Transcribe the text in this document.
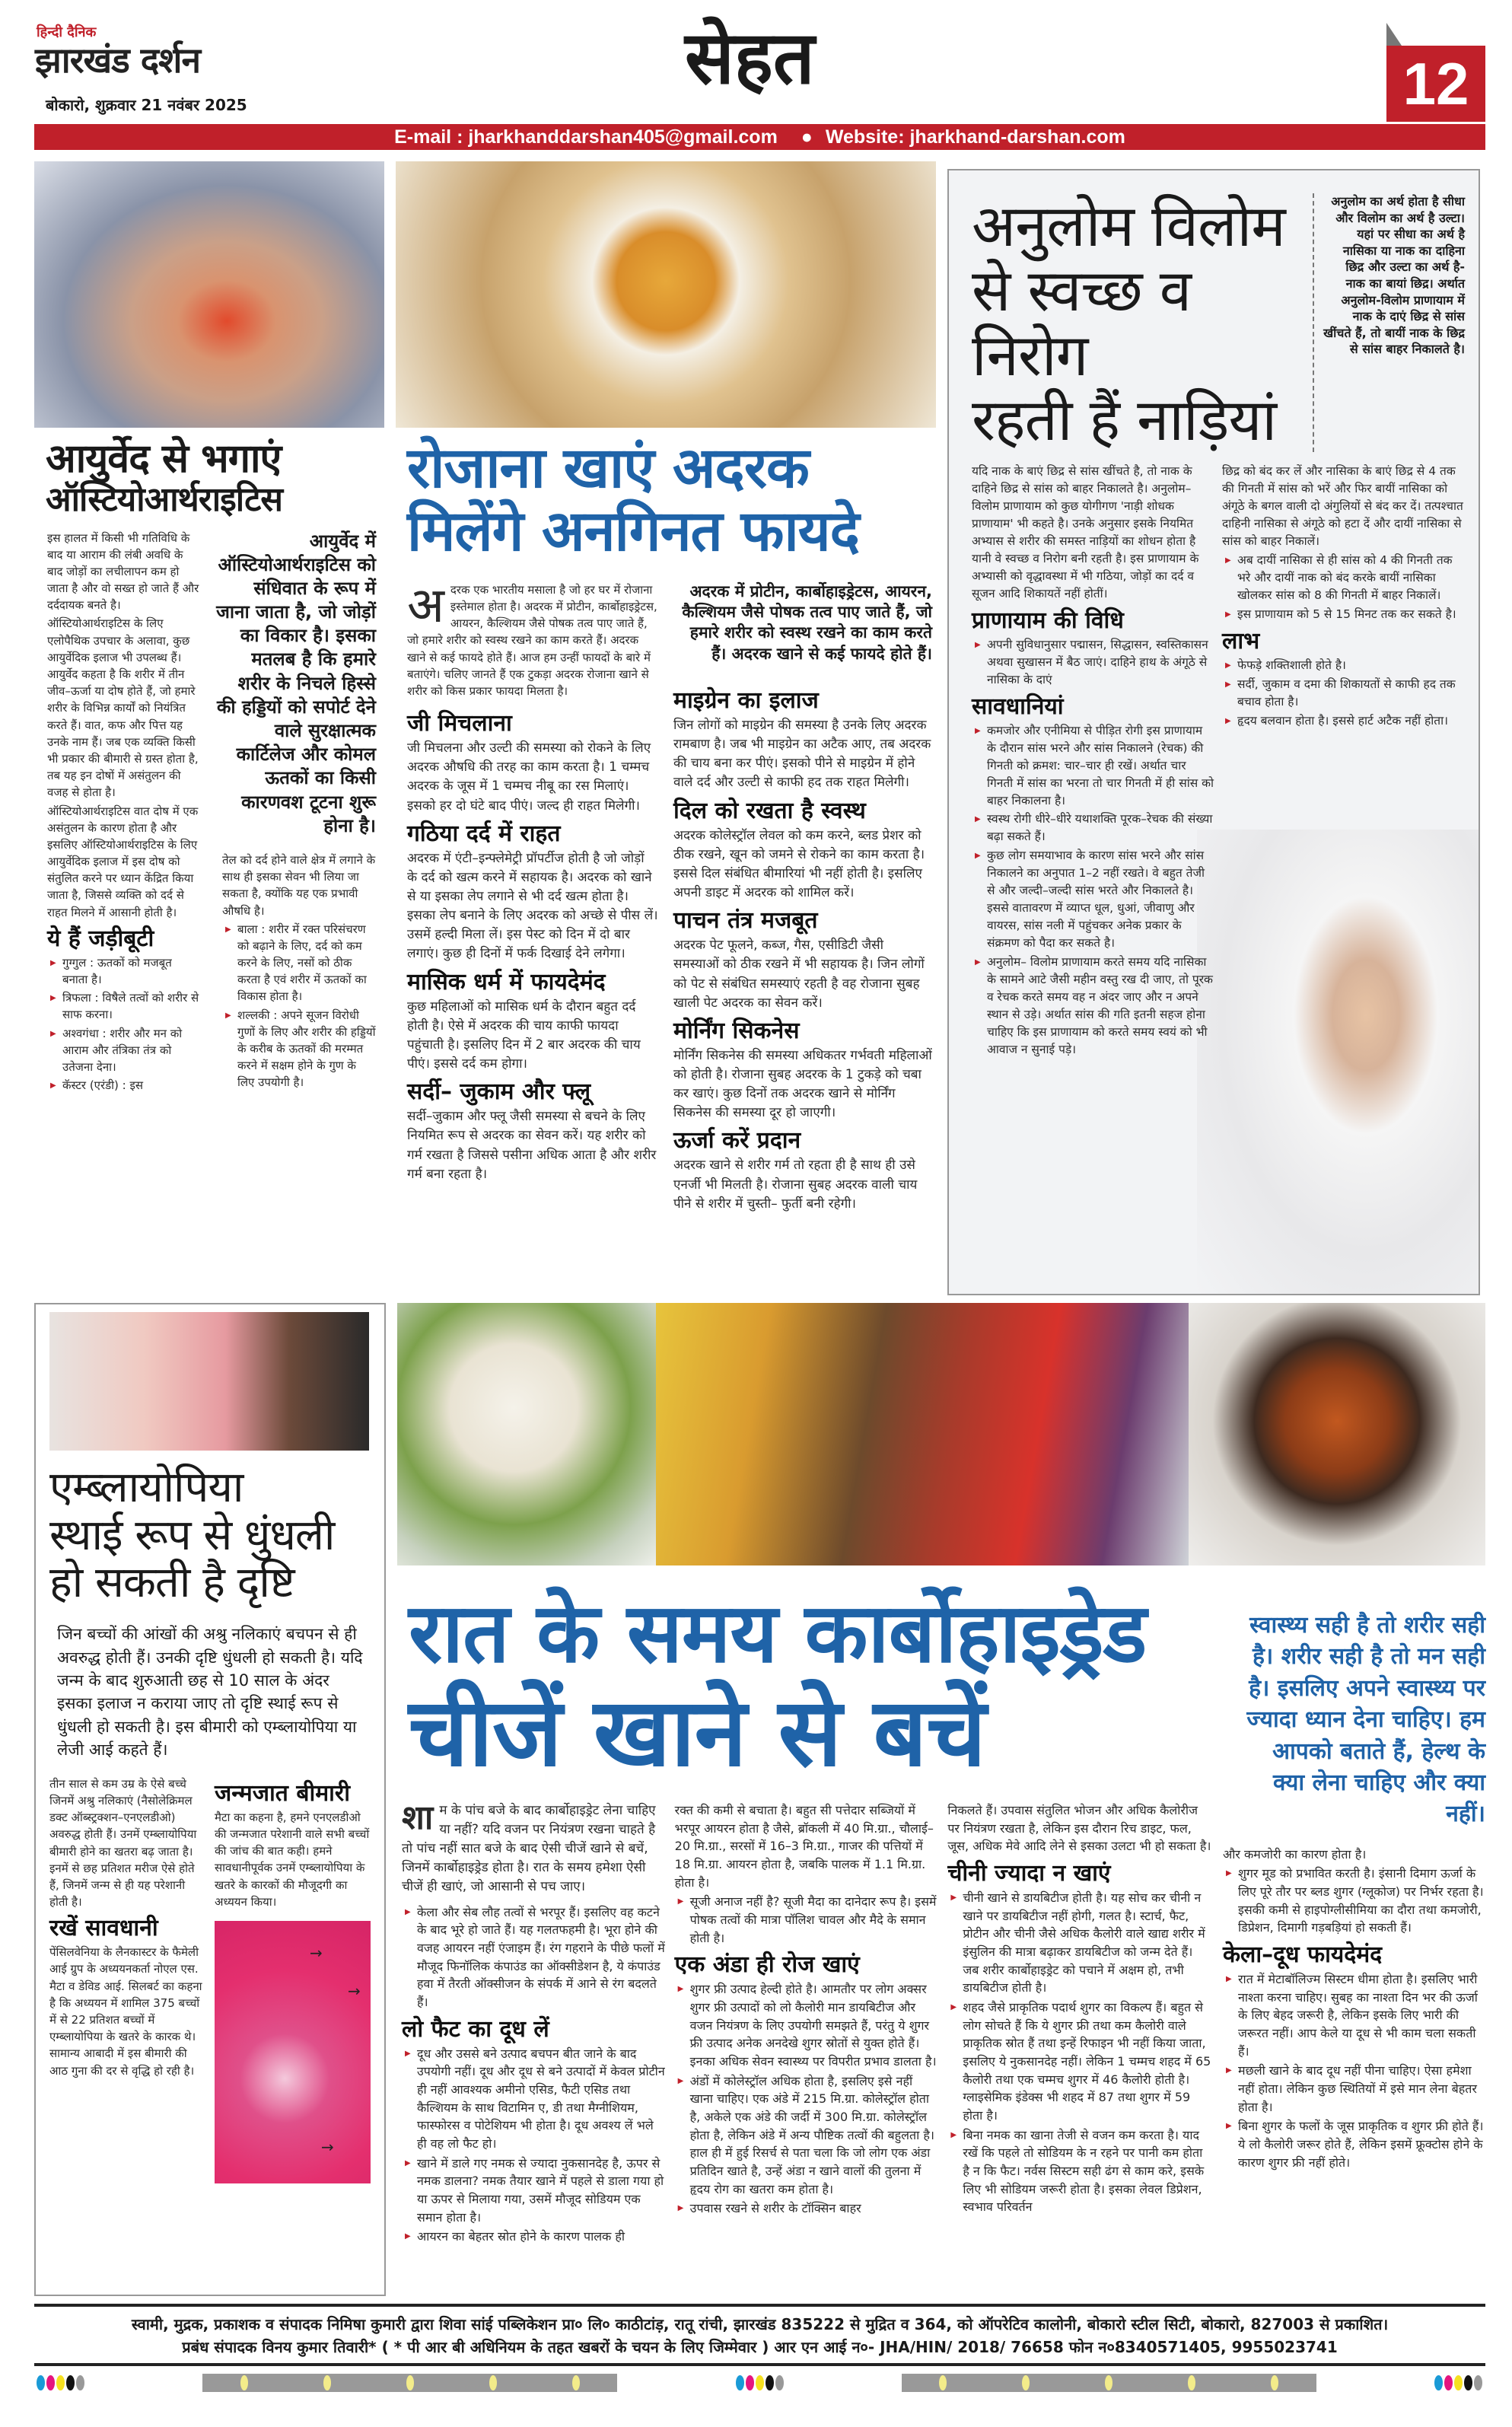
हिन्दी दैनिक
झारखंड दर्शन
बोकारो, शुक्रवार 21 नवंबर 2025
सेहत	12
E-mail : jharkhanddarshan405@gmail.com ● Website: jharkhand-darshan.com
आयुर्वेद से भगाएं
ऑस्टियोआर्थराइटिस

इस हालत में किसी भी गतिविधि के बाद या आराम की लंबी अवधि के बाद जोड़ों का लचीलापन कम हो जाता है और वो सख्त हो जाते हैं और दर्ददायक बनते है।

ऑस्टियोआर्थराइटिस के लिए एलोपैथिक उपचार के अलावा, कुछ आयुर्वेदिक इलाज भी उपलब्ध हैं। आयुर्वेद कहता है कि शरीर में तीन जीव–ऊर्जा या दोष होते हैं, जो हमारे शरीर के विभिन्न कार्यों को नियंत्रित करते हैं। वात, कफ और पित्त यह उनके नाम हैं। जब एक व्यक्ति किसी भी प्रकार की बीमारी से ग्रस्त होता है, तब यह इन दोषों में असंतुलन की वजह से होता है।

ऑस्टियोआर्थराइटिस वात दोष में एक असंतुलन के कारण होता है और इसलिए ऑस्टियोआर्थराइटिस के लिए आयुर्वेदिक इलाज में इस दोष को संतुलित करने पर ध्यान केंद्रित किया जाता है, जिससे व्यक्ति को दर्द से राहत मिलने में आसानी होती है।

ये हैं जड़ीबूटी

▶ गुग्गुल : ऊतकों को मजबूत बनाता है।

▶ त्रिफला : विषैले तत्वों को शरीर से साफ करना।

▶ अश्वगंधा : शरीर और मन को आराम और तंत्रिका तंत्र को उतेजना देना।

▶ कॅस्टर (एरंडी) : इस

आयुर्वेद में ऑस्टियोआर्थराइटिस को संधिवात के रूप में जाना जाता है, जो जोड़ों का विकार है। इसका मतलब है कि हमारे शरीर के निचले हिस्से की हड्डियों को सपोर्ट देने वाले सुरक्षात्मक कार्टिलेज और कोमल ऊतकों का किसी कारणवश टूटना शुरू होना है।

तेल को दर्द होने वाले क्षेत्र में लगाने के साथ ही इसका सेवन भी लिया जा सकता है, क्योंकि यह एक प्रभावी औषधि है।

▶ बाला : शरीर में रक्त परिसंचरण को बढ़ाने के लिए, दर्द को कम करने के लिए, नसों को ठीक करता है एवं शरीर में ऊतकों का विकास होता है।

▶ शल्लकी : अपने सूजन विरोधी गुणों के लिए और शरीर की हड्डियों के करीब के ऊतकों की मरम्मत करने में सक्षम होने के गुण के लिए उपयोगी है।

रोजाना खाएं अदरक
मिलेंगे अनगिनत फायदे
अ दरक एक भारतीय मसाला है जो हर घर में रोजाना इस्तेमाल होता है। अदरक में प्रोटीन, कार्बोहाइड्रेटस, आयरन, कैल्शियम जैसे पोषक तत्व पाए जाते हैं, जो हमारे शरीर को स्वस्थ रखने का काम करते हैं। अदरक खाने से कई फायदे होते हैं। आज हम उन्हीं फायदों के बारे में बताएंगे। चलिए जानते हैं एक टुकड़ा अदरक रोजाना खाने से शरीर को किस प्रकार फायदा मिलता है।
जी मिचलाना

जी मिचलना और उल्टी की समस्या को रोकने के लिए अदरक औषधि की तरह का काम करता है। 1 चम्मच अदरक के जूस में 1 चम्मच नीबू का रस मिलाएं। इसको हर दो घंटे बाद पीएं। जल्द ही राहत मिलेगी।

गठिया दर्द में राहत

अदरक में एंटी–इन्फ्लेमेट्री प्रॉपर्टीज होती है जो जोड़ों के दर्द को खत्म करने में सहायक है। अदरक को खाने से या इसका लेप लगाने से भी दर्द खत्म होता है। इसका लेप बनाने के लिए अदरक को अच्छे से पीस लें। उसमें हल्दी मिला लें। इस पेस्ट को दिन में दो बार लगाएं। कुछ ही दिनों में फर्क दिखाई देने लगेगा।

मासिक धर्म में फायदेमंद

कुछ महिलाओं को मासिक धर्म के दौरान बहुत दर्द होती है। ऐसे में अदरक की चाय काफी फायदा पहुंचाती है। इसलिए दिन में 2 बार अदरक की चाय पीएं। इससे दर्द कम होगा।

सर्दी– जुकाम और फ्लू

सर्दी–जुकाम और फ्लू जैसी समस्या से बचने के लिए नियमित रूप से अदरक का सेवन करें। यह शरीर को गर्म रखता है जिससे पसीना अधिक आता है और शरीर गर्म बना रहता है।

अदरक में प्रोटीन, कार्बोहाइड्रेटस, आयरन, कैल्शियम जैसे पोषक तत्व पाए जाते हैं, जो हमारे शरीर को स्वस्थ रखने का काम करते हैं। अदरक खाने से कई फायदे होते हैं।
माइग्रेन का इलाज

जिन लोगों को माइग्रेन की समस्या है उनके लिए अदरक रामबाण है। जब भी माइग्रेन का अटैक आए, तब अदरक की चाय बना कर पीएं। इसको पीने से माइग्रेन में होने वाले दर्द और उल्टी से काफी हद तक राहत मिलेगी।

दिल को रखता है स्वस्थ

अदरक कोलेस्ट्रॉल लेवल को कम करने, ब्लड प्रेशर को ठीक रखने, खून को जमने से रोकने का काम करता है। इससे दिल संबंधित बीमारियां भी नहीं होती है। इसलिए अपनी डाइट में अदरक को शामिल करें।

पाचन तंत्र मजबूत

अदरक पेट फूलने, कब्ज, गैस, एसीडिटी जैसी समस्याओं को ठीक रखने में भी सहायक है। जिन लोगों को पेट से संबंधित समस्याएं रहती है वह रोजाना सुबह खाली पेट अदरक का सेवन करें।

मोर्निंग सिकनेस

मोर्निंग सिकनेस की समस्या अधिकतर गर्भवती महिलाओं को होती है। रोजाना सुबह अदरक के 1 टुकड़े को चबा कर खाएं। कुछ दिनों तक अदरक खाने से मोर्निंग सिकनेस की समस्या दूर हो जाएगी।

ऊर्जा करें प्रदान

अदरक खाने से शरीर गर्म तो रहता ही है साथ ही उसे एनर्जी भी मिलती है। रोजाना सुबह अदरक वाली चाय पीने से शरीर में चुस्ती– फुर्ती बनी रहेगी।

अनुलोम विलोम
से स्वच्छ व निरोग
रहती हैं नाड़ियां
अनुलोम का अर्थ होता है सीधा और विलोम का अर्थ है उल्टा। यहां पर सीधा का अर्थ है नासिका या नाक का दाहिना छिद्र और उल्टा का अर्थ है- नाक का बायां छिद्र। अर्थात अनुलोम-विलोम प्राणायाम में नाक के दाएं छिद्र से सांस खींचते हैं, तो बायीं नाक के छिद्र से सांस बाहर निकालते है।

यदि नाक के बाएं छिद्र से सांस खींचते है, तो नाक के दाहिने छिद्र से सांस को बाहर निकालते है। अनुलोम–विलोम प्राणायाम को कुछ योगीगण 'नाड़ी शोधक प्राणायाम' भी कहते है। उनके अनुसार इसके नियमित अभ्यास से शरीर की समस्त नाड़ियों का शोधन होता है यानी वे स्वच्छ व निरोग बनी रहती है। इस प्राणायाम के अभ्यासी को वृद्धावस्था में भी गठिया, जोड़ों का दर्द व सूजन आदि शिकायतें नहीं होतीं।

प्राणायाम की विधि

▶ अपनी सुविधानुसार पद्मासन, सिद्धासन, स्वस्तिकासन अथवा सुखासन में बैठ जाएं। दाहिने हाथ के अंगूठे से नासिका के दाएं

सावधानियां

▶ कमजोर और एनीमिया से पीड़ित रोगी इस प्राणायाम के दौरान सांस भरने और सांस निकालने (रेचक) की गिनती को क्रमश: चार–चार ही रखें। अर्थात चार गिनती में सांस का भरना तो चार गिनती में ही सांस को बाहर निकालना है।

▶ स्वस्थ रोगी धीरे–धीरे यथाशक्ति पूरक–रेचक की संख्या बढ़ा सकते हैं।

▶ कुछ लोग समयाभाव के कारण सांस भरने और सांस निकालने का अनुपात 1–2 नहीं रखते। वे बहुत तेजी से और जल्दी–जल्दी सांस भरते और निकालते है। इससे वातावरण में व्याप्त धूल, धुआं, जीवाणु और वायरस, सांस नली में पहुंचकर अनेक प्रकार के संक्रमण को पैदा कर सकते है।

▶ अनुलोम– विलोम प्राणायाम करते समय यदि नासिका के सामने आटे जैसी महीन वस्तु रख दी जाए, तो पूरक व रेचक करते समय वह न अंदर जाए और न अपने स्थान से उड़े। अर्थात सांस की गति इतनी सहज होना चाहिए कि इस प्राणायाम को करते समय स्वयं को भी आवाज न सुनाई पड़े।

छिद्र को बंद कर लें और नासिका के बाएं छिद्र से 4 तक की गिनती में सांस को भरें और फिर बायीं नासिका को अंगूठे के बगल वाली दो अंगुलियों से बंद कर दें। तत्पश्चात दाहिनी नासिका से अंगूठे को हटा दें और दायीं नासिका से सांस को बाहर निकालें।

▶ अब दायीं नासिका से ही सांस को 4 की गिनती तक भरे और दायीं नाक को बंद करके बायीं नासिका खोलकर सांस को 8 की गिनती में बाहर निकालें।

▶ इस प्राणायाम को 5 से 15 मिनट तक कर सकते है।

लाभ

▶ फेफड़े शक्तिशाली होते है।

▶ सर्दी, जुकाम व दमा की शिकायतों से काफी हद तक बचाव होता है।

▶ हृदय बलवान होता है। इससे हार्ट अटैक नहीं होता।

एम्ब्लायोपिया
स्थाई रूप से धुंधली
हो सकती है दृष्टि
जिन बच्चों की आंखों की अश्रु नलिकाएं बचपन से ही अवरुद्ध होती हैं। उनकी दृष्टि धुंधली हो सकती है। यदि जन्म के बाद शुरुआती छह से 10 साल के अंदर इसका इलाज न कराया जाए तो दृष्टि स्थाई रूप से धुंधली हो सकती है। इस बीमारी को एम्ब्लायोपिया या लेजी आई कहते हैं।

तीन साल से कम उम्र के ऐसे बच्चे जिनमें अश्रु नलिकाएं (नैसोलेक्रिमल डक्ट ऑब्स्ट्रक्शन–एनएलडीओ) अवरुद्ध होती हैं। उनमें एम्ब्लायोपिया बीमारी होने का खतरा बढ़ जाता है। इनमें से छह प्रतिशत मरीज ऐसे होते हैं, जिनमें जन्म से ही यह परेशानी होती है।

रखें सावधानी

पेंसिलवेनिया के लैनकास्टर के फैमेली आई ग्रुप के अध्ययनकर्ता नोएल एस. मैटा व डेविड आई. सिलबर्ट का कहना है कि अध्ययन में शामिल 375 बच्चों में से 22 प्रतिशत बच्चों में एम्ब्लायोपिया के खतरे के कारक थे। सामान्य आबादी में इस बीमारी की आठ गुना की दर से वृद्धि हो रही है।

जन्मजात बीमारी

मैटा का कहना है, हमने एनएलडीओ की जन्मजात परेशानी वाले सभी बच्चों की जांच की बात कही। हमने सावधानीपूर्वक उनमें एम्ब्लायोपिया के खतरे के कारकों की मौजूदगी का अध्ययन किया।

→
→
→
रात के समय कार्बोहाइड्रेड
चीजें खाने से बचें
शा म के पांच बजे के बाद कार्बोहाइड्रेट लेना चाहिए या नहीं? यदि वजन पर नियंत्रण रखना चाहते है तो पांच नहीं सात बजे के बाद ऐसी चीजें खाने से बचें, जिनमें कार्बोहाइड्रेड होता है। रात के समय हमेशा ऐसी चीजें ही खाएं, जो आसानी से पच जाए।

▶ केला और सेब लौह तत्वों से भरपूर हैं। इसलिए वह कटने के बाद भूरे हो जाते हैं। यह गलतफहमी है। भूरा होने की वजह आयरन नहीं एंजाइम हैं। रंग गहराने के पीछे फलों में मौजूद फिनॉलिक कंपाउंड का ऑक्सीडेशन है, ये कंपाउंड हवा में तैरती ऑक्सीजन के संपर्क में आने से रंग बदलते हैं।

लो फैट का दूध लें

▶ दूध और उससे बने उत्पाद बचपन बीत जाने के बाद उपयोगी नहीं। दूध और दूध से बने उत्पादों में केवल प्रोटीन ही नहीं आवश्यक अमीनो एसिड, फैटी एसिड तथा कैल्शियम के साथ विटामिन ए, डी तथा मैग्नीशियम, फास्फोरस व पोटेशियम भी होता है। दूध अवश्य लें भले ही वह लो फैट हो।

▶ खाने में डाले गए नमक से ज्यादा नुकसानदेह है, ऊपर से नमक डालना? नमक तैयार खाने में पहले से डाला गया हो या ऊपर से मिलाया गया, उसमें मौजूद सोडियम एक समान होता है।

▶ आयरन का बेहतर स्रोत होने के कारण पालक ही

रक्त की कमी से बचाता है। बहुत सी पत्तेदार सब्जियों में भरपूर आयरन होता है जैसे, ब्रॉकली में 40 मि.ग्रा., चौलाई–20 मि.ग्रा., सरसों में 16–3 मि.ग्रा., गाजर की पत्तियों में 18 मि.ग्रा. आयरन होता है, जबकि पालक में 1.1 मि.ग्रा. होता है।

▶ सूजी अनाज नहीं है? सूजी मैदा का दानेदार रूप है। इसमें पोषक तत्वों की मात्रा पॉलिश चावल और मैदे के समान होती है।

एक अंडा ही रोज खाएं

▶ शुगर फ्री उत्पाद हेल्दी होते है। आमतौर पर लोग अक्सर शुगर फ्री उत्पादों को लो कैलोरी मान डायबिटीज और वजन नियंत्रण के लिए उपयोगी समझते हैं, परंतु ये शुगर फ्री उत्पाद अनेक अनदेखे शुगर स्रोतों से युक्त होते हैं। इनका अधिक सेवन स्वास्थ्य पर विपरीत प्रभाव डालता है।

▶ अंडों में कोलेस्ट्रॉल अधिक होता है, इसलिए इसे नहीं खाना चाहिए। एक अंडे में 215 मि.ग्रा. कोलेस्ट्रॉल होता है, अकेले एक अंडे की जर्दी में 300 मि.ग्रा. कोलेस्ट्रॉल होता है, लेकिन अंडे में अन्य पौष्टिक तत्वों की बहुलता है। हाल ही में हुई रिसर्च से पता चला कि जो लोग एक अंडा प्रतिदिन खाते है, उन्हें अंडा न खाने वालों की तुलना में हृदय रोग का खतरा कम होता है।

▶ उपवास रखने से शरीर के टॉक्सिन बाहर

निकलते हैं। उपवास संतुलित भोजन और अधिक कैलोरीज पर नियंत्रण रखता है, लेकिन इस दौरान रिच डाइट, फल, जूस, अधिक मेवे आदि लेने से इसका उलटा भी हो सकता है।

चीनी ज्यादा न खाएं

▶ चीनी खाने से डायबिटीज होती है। यह सोच कर चीनी न खाने पर डायबिटीज नहीं होगी, गलत है। स्टार्च, फैट, प्रोटीन और चीनी जैसे अधिक कैलोरी वाले खाद्य शरीर में इंसुलिन की मात्रा बढ़ाकर डायबिटीज को जन्म देते हैं। जब शरीर कार्बोहाइड्रेट को पचाने में अक्षम हो, तभी डायबिटीज होती है।

▶ शहद जैसे प्राकृतिक पदार्थ शुगर का विकल्प हैं। बहुत से लोग सोचते हैं कि ये शुगर फ्री तथा कम कैलोरी वाले प्राकृतिक स्रोत हैं तथा इन्हें रिफाइन भी नहीं किया जाता, इसलिए ये नुकसानदेह नहीं। लेकिन 1 चम्मच शहद में 65 कैलोरी तथा एक चम्मच शुगर में 46 कैलोरी होती है। ग्लाइसेमिक इंडेक्स भी शहद में 87 तथा शुगर में 59 होता है।

▶ बिना नमक का खाना तेजी से वजन कम करता है। याद रखें कि पहले तो सोडियम के न रहने पर पानी कम होता है न कि फैट। नर्वस सिस्टम सही ढंग से काम करे, इसके लिए भी सोडियम जरूरी होता है। इसका लेवल डिप्रेशन, स्वभाव परिवर्तन

स्वास्थ्य सही है तो शरीर सही है। शरीर सही है तो मन सही है। इसलिए अपने स्वास्थ्य पर ज्यादा ध्यान देना चाहिए। हम आपको बताते हैं, हेल्थ के क्या लेना चाहिए और क्या नहीं।

और कमजोरी का कारण होता है।

▶ शुगर मूड को प्रभावित करती है। इंसानी दिमाग ऊर्जा के लिए पूरे तौर पर ब्लड शुगर (ग्लूकोज) पर निर्भर रहता है। इसकी कमी से हाइपोग्लीसीमिया का दौरा तथा कमजोरी, डिप्रेशन, दिमागी गड़बड़ियां हो सकती हैं।

केला–दूध फायदेमंद

▶ रात में मेटाबॉलिज्म सिस्टम धीमा होता है। इसलिए भारी नाश्ता करना चाहिए। सुबह का नाश्ता दिन भर की ऊर्जा के लिए बेहद जरूरी है, लेकिन इसके लिए भारी की जरूरत नहीं। आप केले या दूध से भी काम चला सकती हैं।

▶ मछली खाने के बाद दूध नहीं पीना चाहिए। ऐसा हमेशा नहीं होता। लेकिन कुछ स्थितियों में इसे मान लेना बेहतर होता है।

▶ बिना शुगर के फलों के जूस प्राकृतिक व शुगर फ्री होते हैं। ये लो कैलोरी जरूर होते हैं, लेकिन इसमें फ्रूक्टोस होने के कारण शुगर फ्री नहीं होते।

स्वामी, मुद्रक, प्रकाशक व संपादक निमिषा कुमारी द्वारा शिवा सांई पब्लिकेशन प्रा० लि० काठीटांड़, रातू रांची, झारखंड 835222 से मुद्रित व 364, को ऑपरेटिव कालोनी, बोकारो स्टील सिटी, बोकारो, 827003 से प्रकाशित।
प्रबंध संपादक विनय कुमार तिवारी* ( * पी आर बी अधिनियम के तहत खबरों के चयन के लिए जिम्मेवार ) आर एन आई न०- JHA/HIN/ 2018/ 76658 फोन न०8340571405, 9955023741
